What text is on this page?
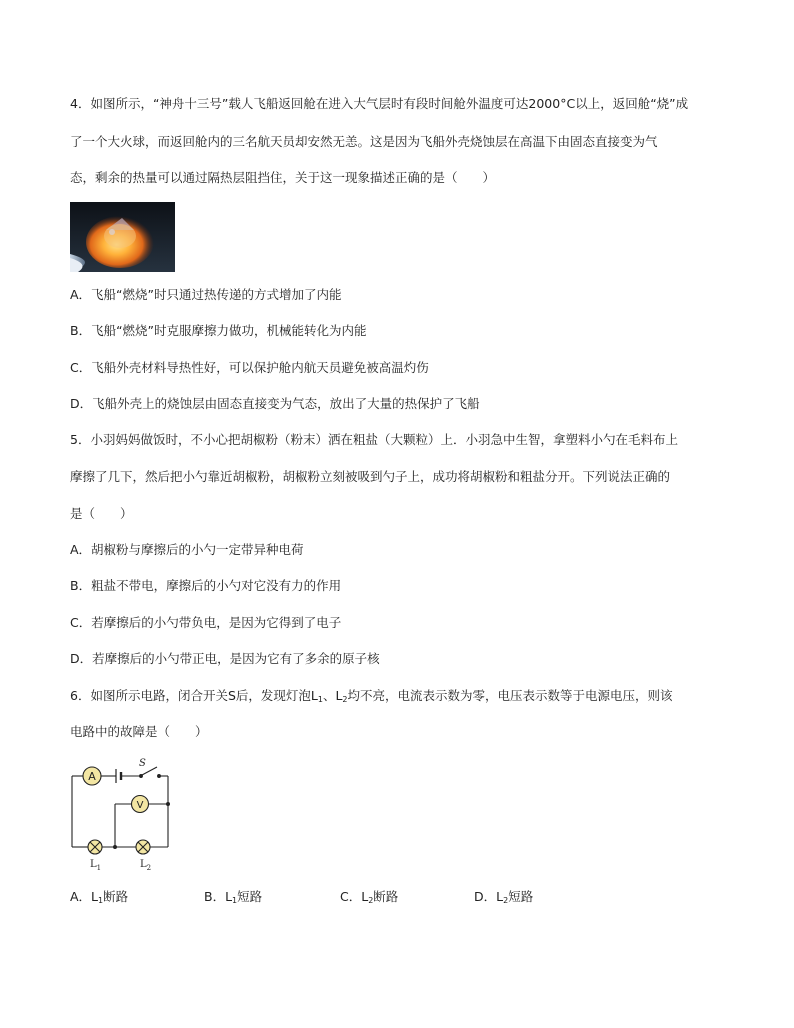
4．如图所示，“神舟十三号”载人飞船返回舱在进入大气层时有段时间舱外温度可达2000°C以上，返回舱“烧”成
了一个大火球，而返回舱内的三名航天员却安然无恙。这是因为飞船外壳烧蚀层在高温下由固态直接变为气
态，剩余的热量可以通过隔热层阻挡住，关于这一现象描述正确的是（　　）
A．飞船“燃烧”时只通过热传递的方式增加了内能
B．飞船“燃烧”时克服摩擦力做功，机械能转化为内能
C．飞船外壳材料导热性好，可以保护舱内航天员避免被高温灼伤
D．飞船外壳上的烧蚀层由固态直接变为气态，放出了大量的热保护了飞船
5．小羽妈妈做饭时，不小心把胡椒粉（粉末）洒在粗盐（大颗粒）上．小羽急中生智，拿塑料小勺在毛料布上
摩擦了几下，然后把小勺靠近胡椒粉，胡椒粉立刻被吸到勺子上，成功将胡椒粉和粗盐分开。下列说法正确的
是（　　）
A．胡椒粉与摩擦后的小勺一定带异种电荷
B．粗盐不带电，摩擦后的小勺对它没有力的作用
C．若摩擦后的小勺带负电，是因为它得到了电子
D．若摩擦后的小勺带正电，是因为它有了多余的原子核
6．如图所示电路，闭合开关S后，发现灯泡$L_1$、$L_2$均不亮，电流表示数为零，电压表示数等于电源电压，则该
电路中的故障是（　　）
A
V
S
$L_1$	$L_2$
A．$L_1$断路	B．$L_1$短路	C．$L_2$断路	D．$L_2$短路
